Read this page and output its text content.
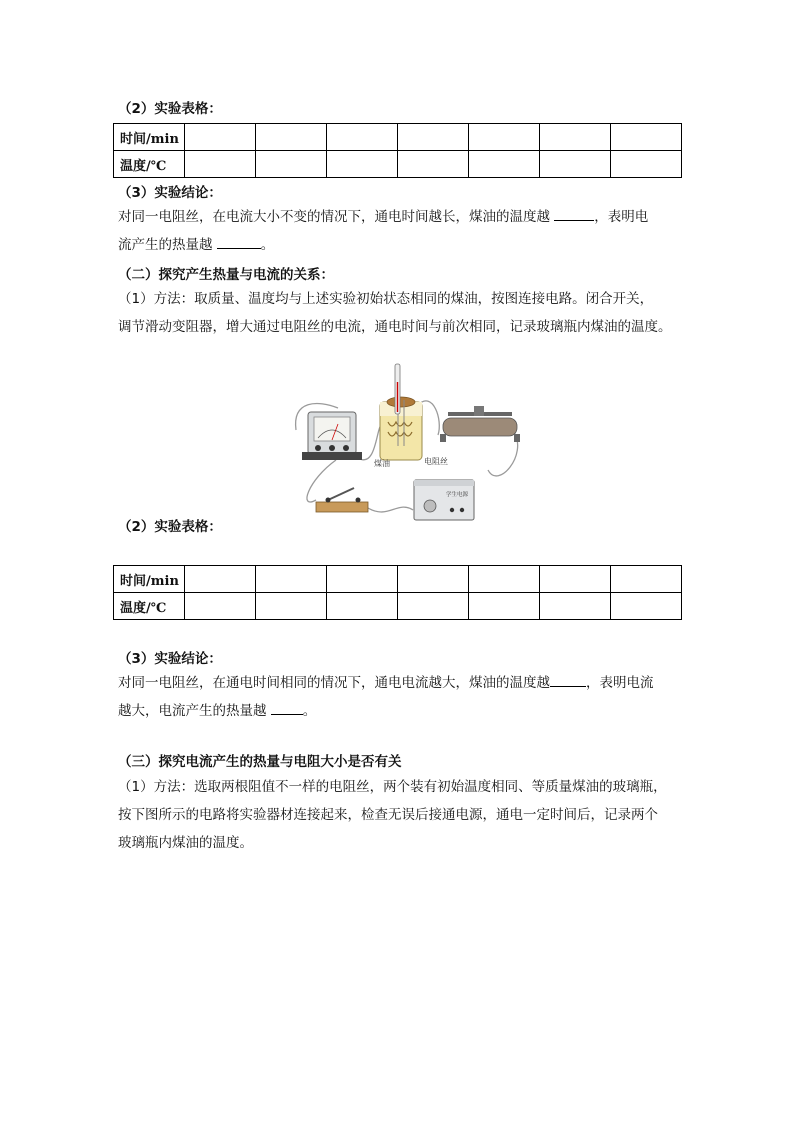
（2）实验表格：
时间/min							
温度/℃							
（3）实验结论：
对同一电阻丝，在电流大小不变的情况下，通电时间越长，煤油的温度越	，表明电
流产生的热量越	。
（二）探究产生热量与电流的关系：
（1）方法：取质量、温度均与上述实验初始状态相同的煤油，按图连接电路。闭合开关，
调节滑动变阻器，增大通过电阻丝的电流，通电时间与前次相同，记录玻璃瓶内煤油的温度。
学生电源
煤油	电阻丝
（2）实验表格：
时间/min							
温度/℃							
（3）实验结论：
对同一电阻丝，在通电时间相同的情况下，通电电流越大，煤油的温度越	，表明电流
越大，电流产生的热量越	。
（三）探究电流产生的热量与电阻大小是否有关
（1）方法：选取两根阻值不一样的电阻丝，两个装有初始温度相同、等质量煤油的玻璃瓶，
按下图所示的电路将实验器材连接起来，检查无误后接通电源，通电一定时间后，记录两个
玻璃瓶内煤油的温度。
